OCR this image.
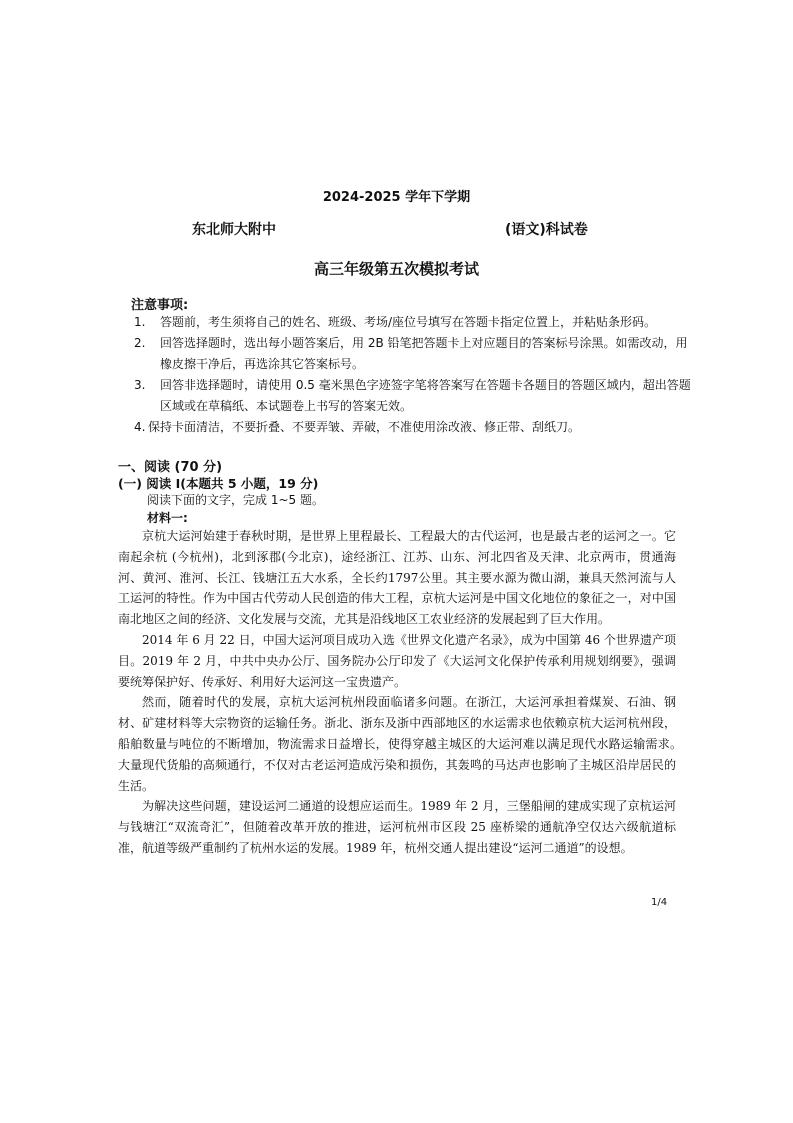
2024-2025 学年下学期
东北师大附中	(语文)科试卷
高三年级第五次模拟考试
注意事项:
1. 答题前，考生须将自己的姓名、班级、考场/座位号填写在答题卡指定位置上，并粘贴条形码。
2. 回答选择题时，选出每小题答案后，用 2B 铅笔把答题卡上对应题目的答案标号涂黑。如需改动，用橡皮擦干净后，再选涂其它答案标号。
3. 回答非选择题时，请使用 0.5 毫米黑色字迹签字笔将答案写在答题卡各题目的答题区域内，超出答题区域或在草稿纸、本试题卷上书写的答案无效。
4. 保持卡面清洁，不要折叠、不要弄皱、弄破，不准使用涂改液、修正带、刮纸刀。
一、阅读 (70 分)
(一) 阅读 I(本题共 5 小题，19 分)
阅读下面的文字，完成 1~5 题。
材料一:

京杭大运河始建于春秋时期，是世界上里程最长、工程最大的古代运河，也是最古老的运河之一。它南起余杭 (今杭州)，北到涿郡(今北京)，途经浙江、江苏、山东、河北四省及天津、北京两市，贯通海河、黄河、淮河、长江、钱塘江五大水系，全长约1797公里。其主要水源为微山湖，兼具天然河流与人工运河的特性。作为中国古代劳动人民创造的伟大工程，京杭大运河是中国文化地位的象征之一，对中国南北地区之间的经济、文化发展与交流，尤其是沿线地区工农业经济的发展起到了巨大作用。

2014 年 6 月 22 日，中国大运河项目成功入选《世界文化遗产名录》，成为中国第 46 个世界遗产项目。2019 年 2 月，中共中央办公厅、国务院办公厅印发了《大运河文化保护传承利用规划纲要》，强调要统筹保护好、传承好、利用好大运河这一宝贵遗产。

然而，随着时代的发展，京杭大运河杭州段面临诸多问题。在浙江，大运河承担着煤炭、石油、钢材、矿建材料等大宗物资的运输任务。浙北、浙东及浙中西部地区的水运需求也依赖京杭大运河杭州段，船舶数量与吨位的不断增加，物流需求日益增长，使得穿越主城区的大运河难以满足现代水路运输需求。　　　　　大量现代货船的高频通行，不仅对古老运河造成污染和损伤，其轰鸣的马达声也影响了主城区沿岸居民的生活。

为解决这些问题，建设运河二通道的设想应运而生。1989 年 2 月，三堡船闸的建成实现了京杭运河与钱塘江“双流奇汇”，但随着改革开放的推进，运河杭州市区段 25 座桥梁的通航净空仅达六级航道标准，航道等级严重制约了杭州水运的发展。1989 年，杭州交通人提出建设“运河二通道”的设想。

1/4
